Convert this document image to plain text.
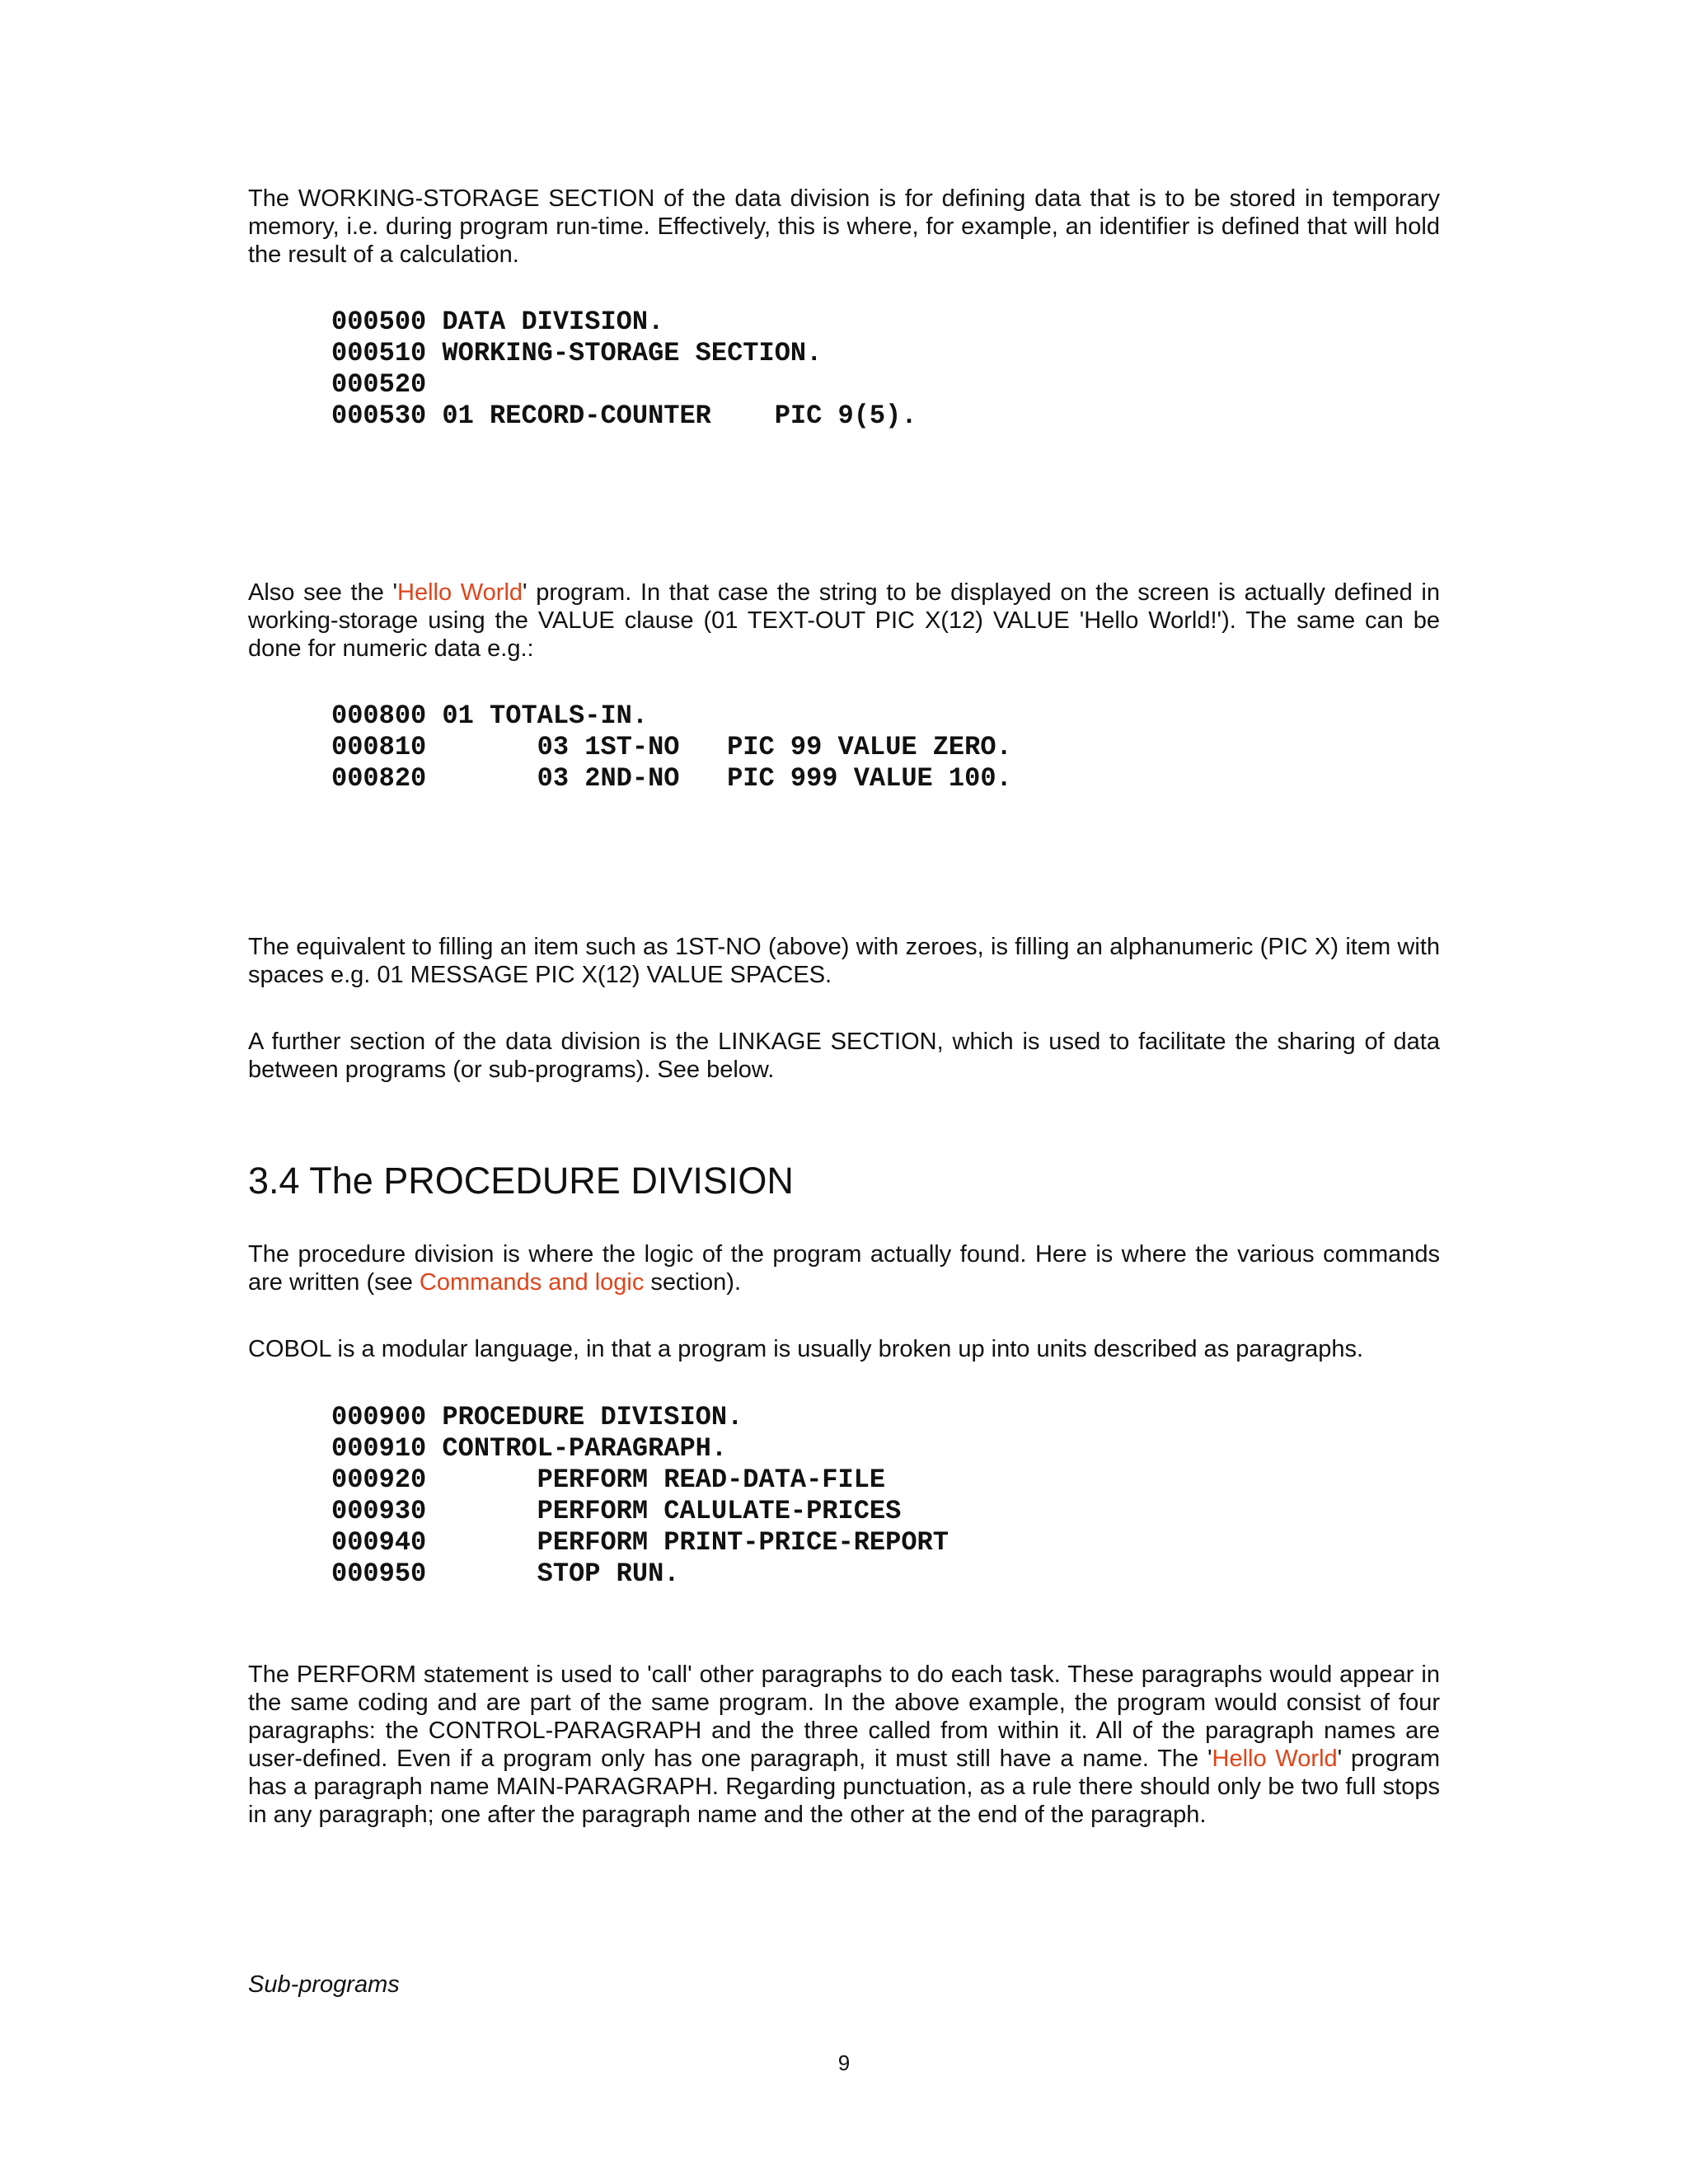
The WORKING-STORAGE SECTION of the data division is for defining data that is to be stored in temporary memory, i.e. during program run-time. Effectively, this is where, for example, an identifier is defined that will hold the result of a calculation.

000500 DATA DIVISION.
000510 WORKING-STORAGE SECTION.
000520
000530 01 RECORD-COUNTER    PIC 9(5).

Also see the 'Hello World' program. In that case the string to be displayed on the screen is actually defined in working-storage using the VALUE clause (01 TEXT-OUT PIC X(12) VALUE 'Hello World!'). The same can be done for numeric data e.g.:

000800 01 TOTALS-IN.
000810       03 1ST-NO   PIC 99 VALUE ZERO.
000820       03 2ND-NO   PIC 999 VALUE 100.

The equivalent to filling an item such as 1ST-NO (above) with zeroes, is filling an alphanumeric (PIC X) item with spaces e.g. 01 MESSAGE PIC X(12) VALUE SPACES.

A further section of the data division is the LINKAGE SECTION, which is used to facilitate the sharing of data between programs (or sub-programs). See below.

3.4 The PROCEDURE DIVISION

The procedure division is where the logic of the program actually found. Here is where the various commands are written (see Commands and logic section).

COBOL is a modular language, in that a program is usually broken up into units described as paragraphs.

000900 PROCEDURE DIVISION.
000910 CONTROL-PARAGRAPH.
000920       PERFORM READ-DATA-FILE
000930       PERFORM CALULATE-PRICES
000940       PERFORM PRINT-PRICE-REPORT
000950       STOP RUN.

The PERFORM statement is used to 'call' other paragraphs to do each task. These paragraphs would appear in the same coding and are part of the same program. In the above example, the program would consist of four paragraphs: the CONTROL-PARAGRAPH and the three called from within it. All of the paragraph names are user-defined. Even if a program only has one paragraph, it must still have a name. The 'Hello World' program has a paragraph name MAIN-PARAGRAPH. Regarding punctuation, as a rule there should only be two full stops in any paragraph; one after the paragraph name and the other at the end of the paragraph.

Sub-programs

9
